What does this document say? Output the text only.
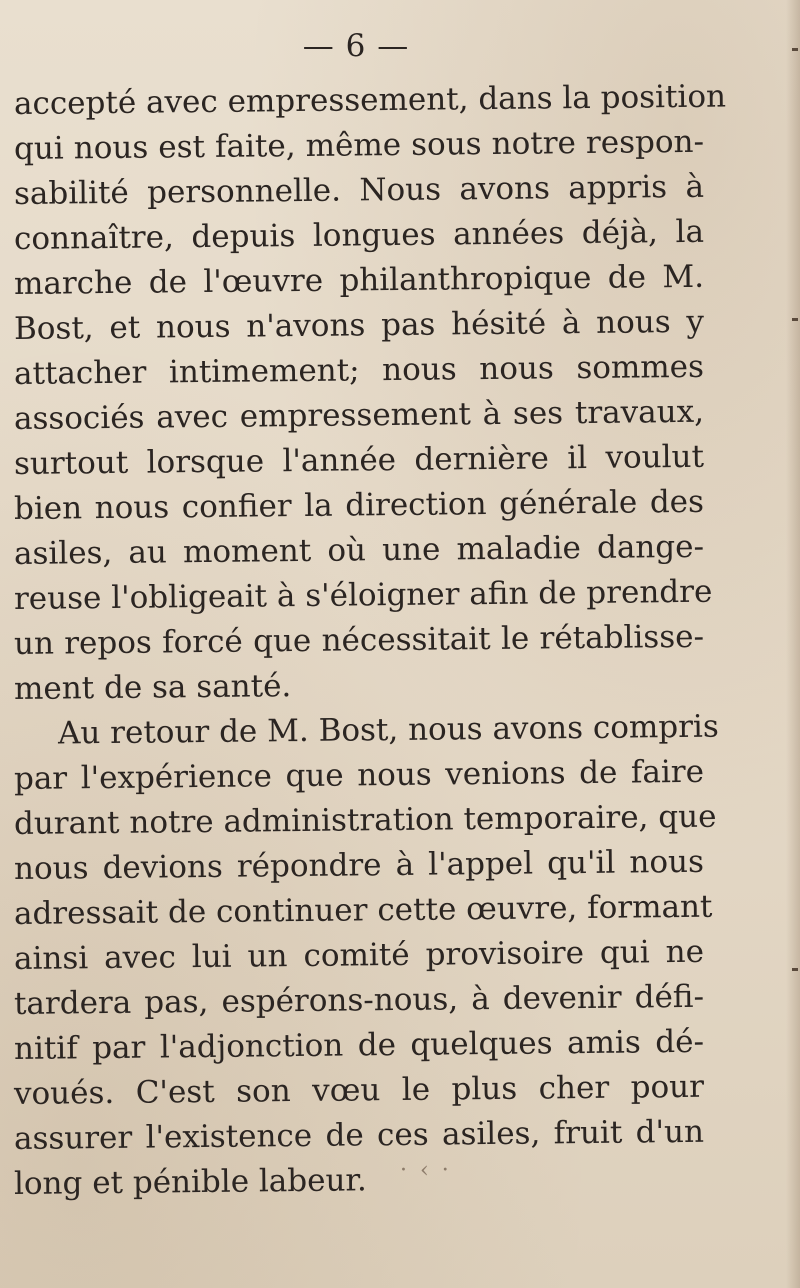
— 6 —
accepté avec empressement, dans la position
qui nous est faite, même sous notre respon-
sabilité personnelle. Nous avons appris à
connaître, depuis longues années déjà, la
marche de l'œuvre philanthropique de M.
Bost, et nous n'avons pas hésité à nous y
attacher intimement; nous nous sommes
associés avec empressement à ses travaux,
surtout lorsque l'année dernière il voulut
bien nous confier la direction générale des
asiles, au moment où une maladie dange-
reuse l'obligeait à s'éloigner afin de prendre
un repos forcé que nécessitait le rétablisse-
ment de sa santé.
Au retour de M. Bost, nous avons compris
par l'expérience que nous venions de faire
durant notre administration temporaire, que
nous devions répondre à l'appel qu'il nous
adressait de continuer cette œuvre, formant
ainsi avec lui un comité provisoire qui ne
tardera pas, espérons-nous, à devenir défi-
nitif par l'adjonction de quelques amis dé-
voués. C'est son vœu le plus cher pour
assurer l'existence de ces asiles, fruit d'un
long et pénible labeur.	· ‹ ·
